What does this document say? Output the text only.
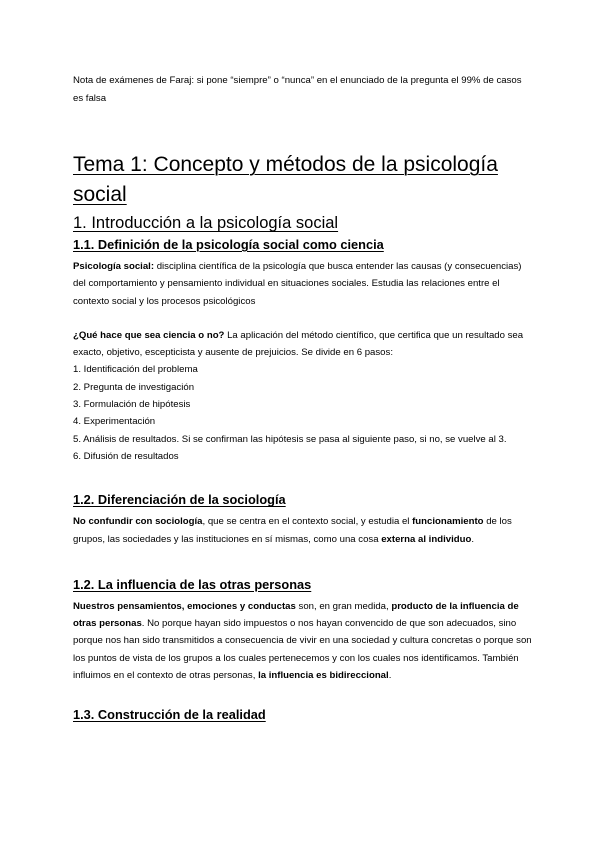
Nota de exámenes de Faraj: si pone “siempre” o “nunca” en el enunciado de la pregunta el 99% de casos es falsa

Tema 1: Concepto y métodos de la psicología social
1. Introducción a la psicología social
1.1. Definición de la psicología social como ciencia

Psicología social: disciplina científica de la psicología que busca entender las causas (y consecuencias) del comportamiento y pensamiento individual en situaciones sociales. Estudia las relaciones entre el contexto social y los procesos psicológicos

¿Qué hace que sea ciencia o no? La aplicación del método científico, que certifica que un resultado sea exacto, objetivo, escepticista y ausente de prejuicios. Se divide en 6 pasos:

1. Identificación del problema

2. Pregunta de investigación

3. Formulación de hipótesis

4. Experimentación

5. Análisis de resultados. Si se confirman las hipótesis se pasa al siguiente paso, si no, se vuelve al 3.

6. Difusión de resultados

1.2. Diferenciación de la sociología

No confundir con sociología, que se centra en el contexto social, y estudia el funcionamiento de los grupos, las sociedades y las instituciones en sí mismas, como una cosa externa al individuo.

1.2. La influencia de las otras personas

Nuestros pensamientos, emociones y conductas son, en gran medida, producto de la influencia de otras personas. No porque hayan sido impuestos o nos hayan convencido de que son adecuados, sino porque nos han sido transmitidos a consecuencia de vivir en una sociedad y cultura concretas o porque son los puntos de vista de los grupos a los cuales pertenecemos y con los cuales nos identificamos. También influimos en el contexto de otras personas, la influencia es bidireccional.

1.3. Construcción de la realidad
